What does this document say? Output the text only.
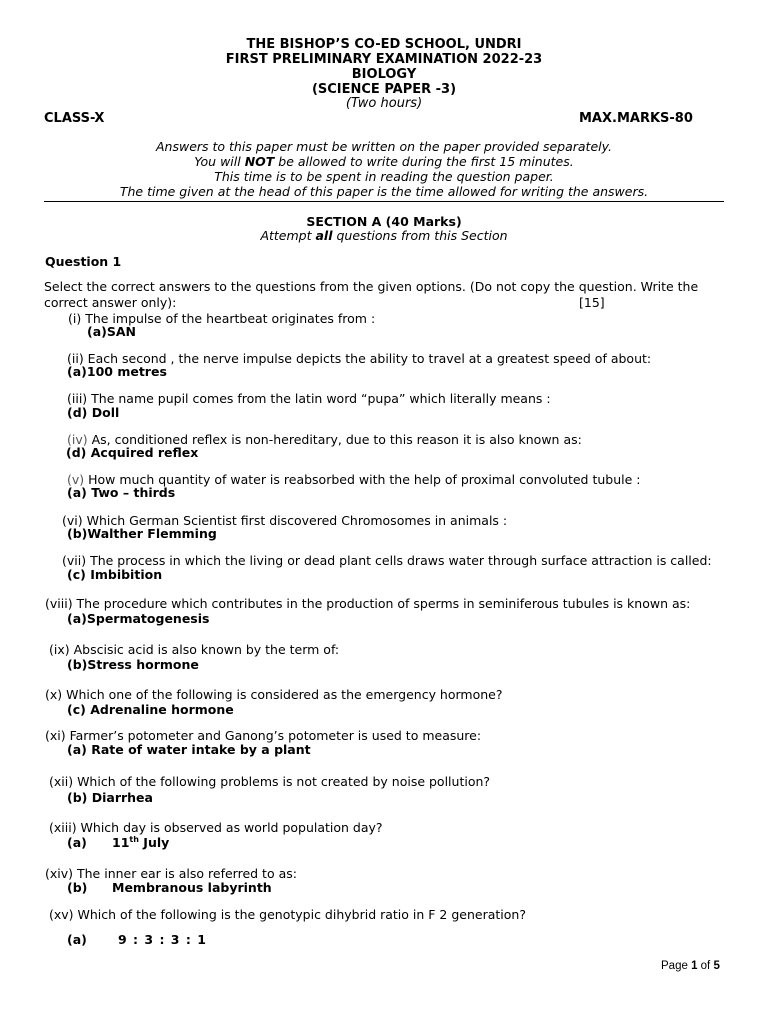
THE BISHOP’S CO-ED SCHOOL, UNDRI
FIRST PRELIMINARY EXAMINATION 2022-23
BIOLOGY
(SCIENCE PAPER -3)
(Two hours)
CLASS-X	MAX.MARKS-80
Answers to this paper must be written on the paper provided separately.
You will NOT be allowed to write during the first 15 minutes.
This time is to be spent in reading the question paper.
The time given at the head of this paper is the time allowed for writing the answers.
SECTION A (40 Marks)
Attempt all questions from this Section
Question 1
Select the correct answers to the questions from the given options. (Do not copy the question. Write the
correct answer only):	[15]
(i) The impulse of the heartbeat originates from :
(a)SAN
(ii) Each second , the nerve impulse depicts the ability to travel at a greatest speed of about:
(a)100 metres
(iii) The name pupil comes from the latin word “pupa” which literally means :
(d) Doll
(iv) As, conditioned reflex is non-hereditary, due to this reason it is also known as:
(d) Acquired reflex
(v) How much quantity of water is reabsorbed with the help of proximal convoluted tubule :
(a) Two – thirds
(vi) Which German Scientist first discovered Chromosomes in animals :
(b)Walther Flemming
(vii) The process in which the living or dead plant cells draws water through surface attraction is called:
(c) Imbibition
(viii) The procedure which contributes in the production of sperms in seminiferous tubules is known as:
(a)Spermatogenesis
(ix) Abscisic acid is also known by the term of:
(b)Stress hormone
(x) Which one of the following is considered as the emergency hormone?
(c) Adrenaline hormone
(xi) Farmer’s potometer and Ganong’s potometer is used to measure:
(a) Rate of water intake by a plant
(xii) Which of the following problems is not created by noise pollution?
(b) Diarrhea
(xiii) Which day is observed as world population day?
(a) 11th July
(xiv) The inner ear is also referred to as:
(b) Membranous labyrinth
(xv) Which of the following is the genotypic dihybrid ratio in F 2 generation?
(a) 9 : 3 : 3 : 1
Page 1 of 5
